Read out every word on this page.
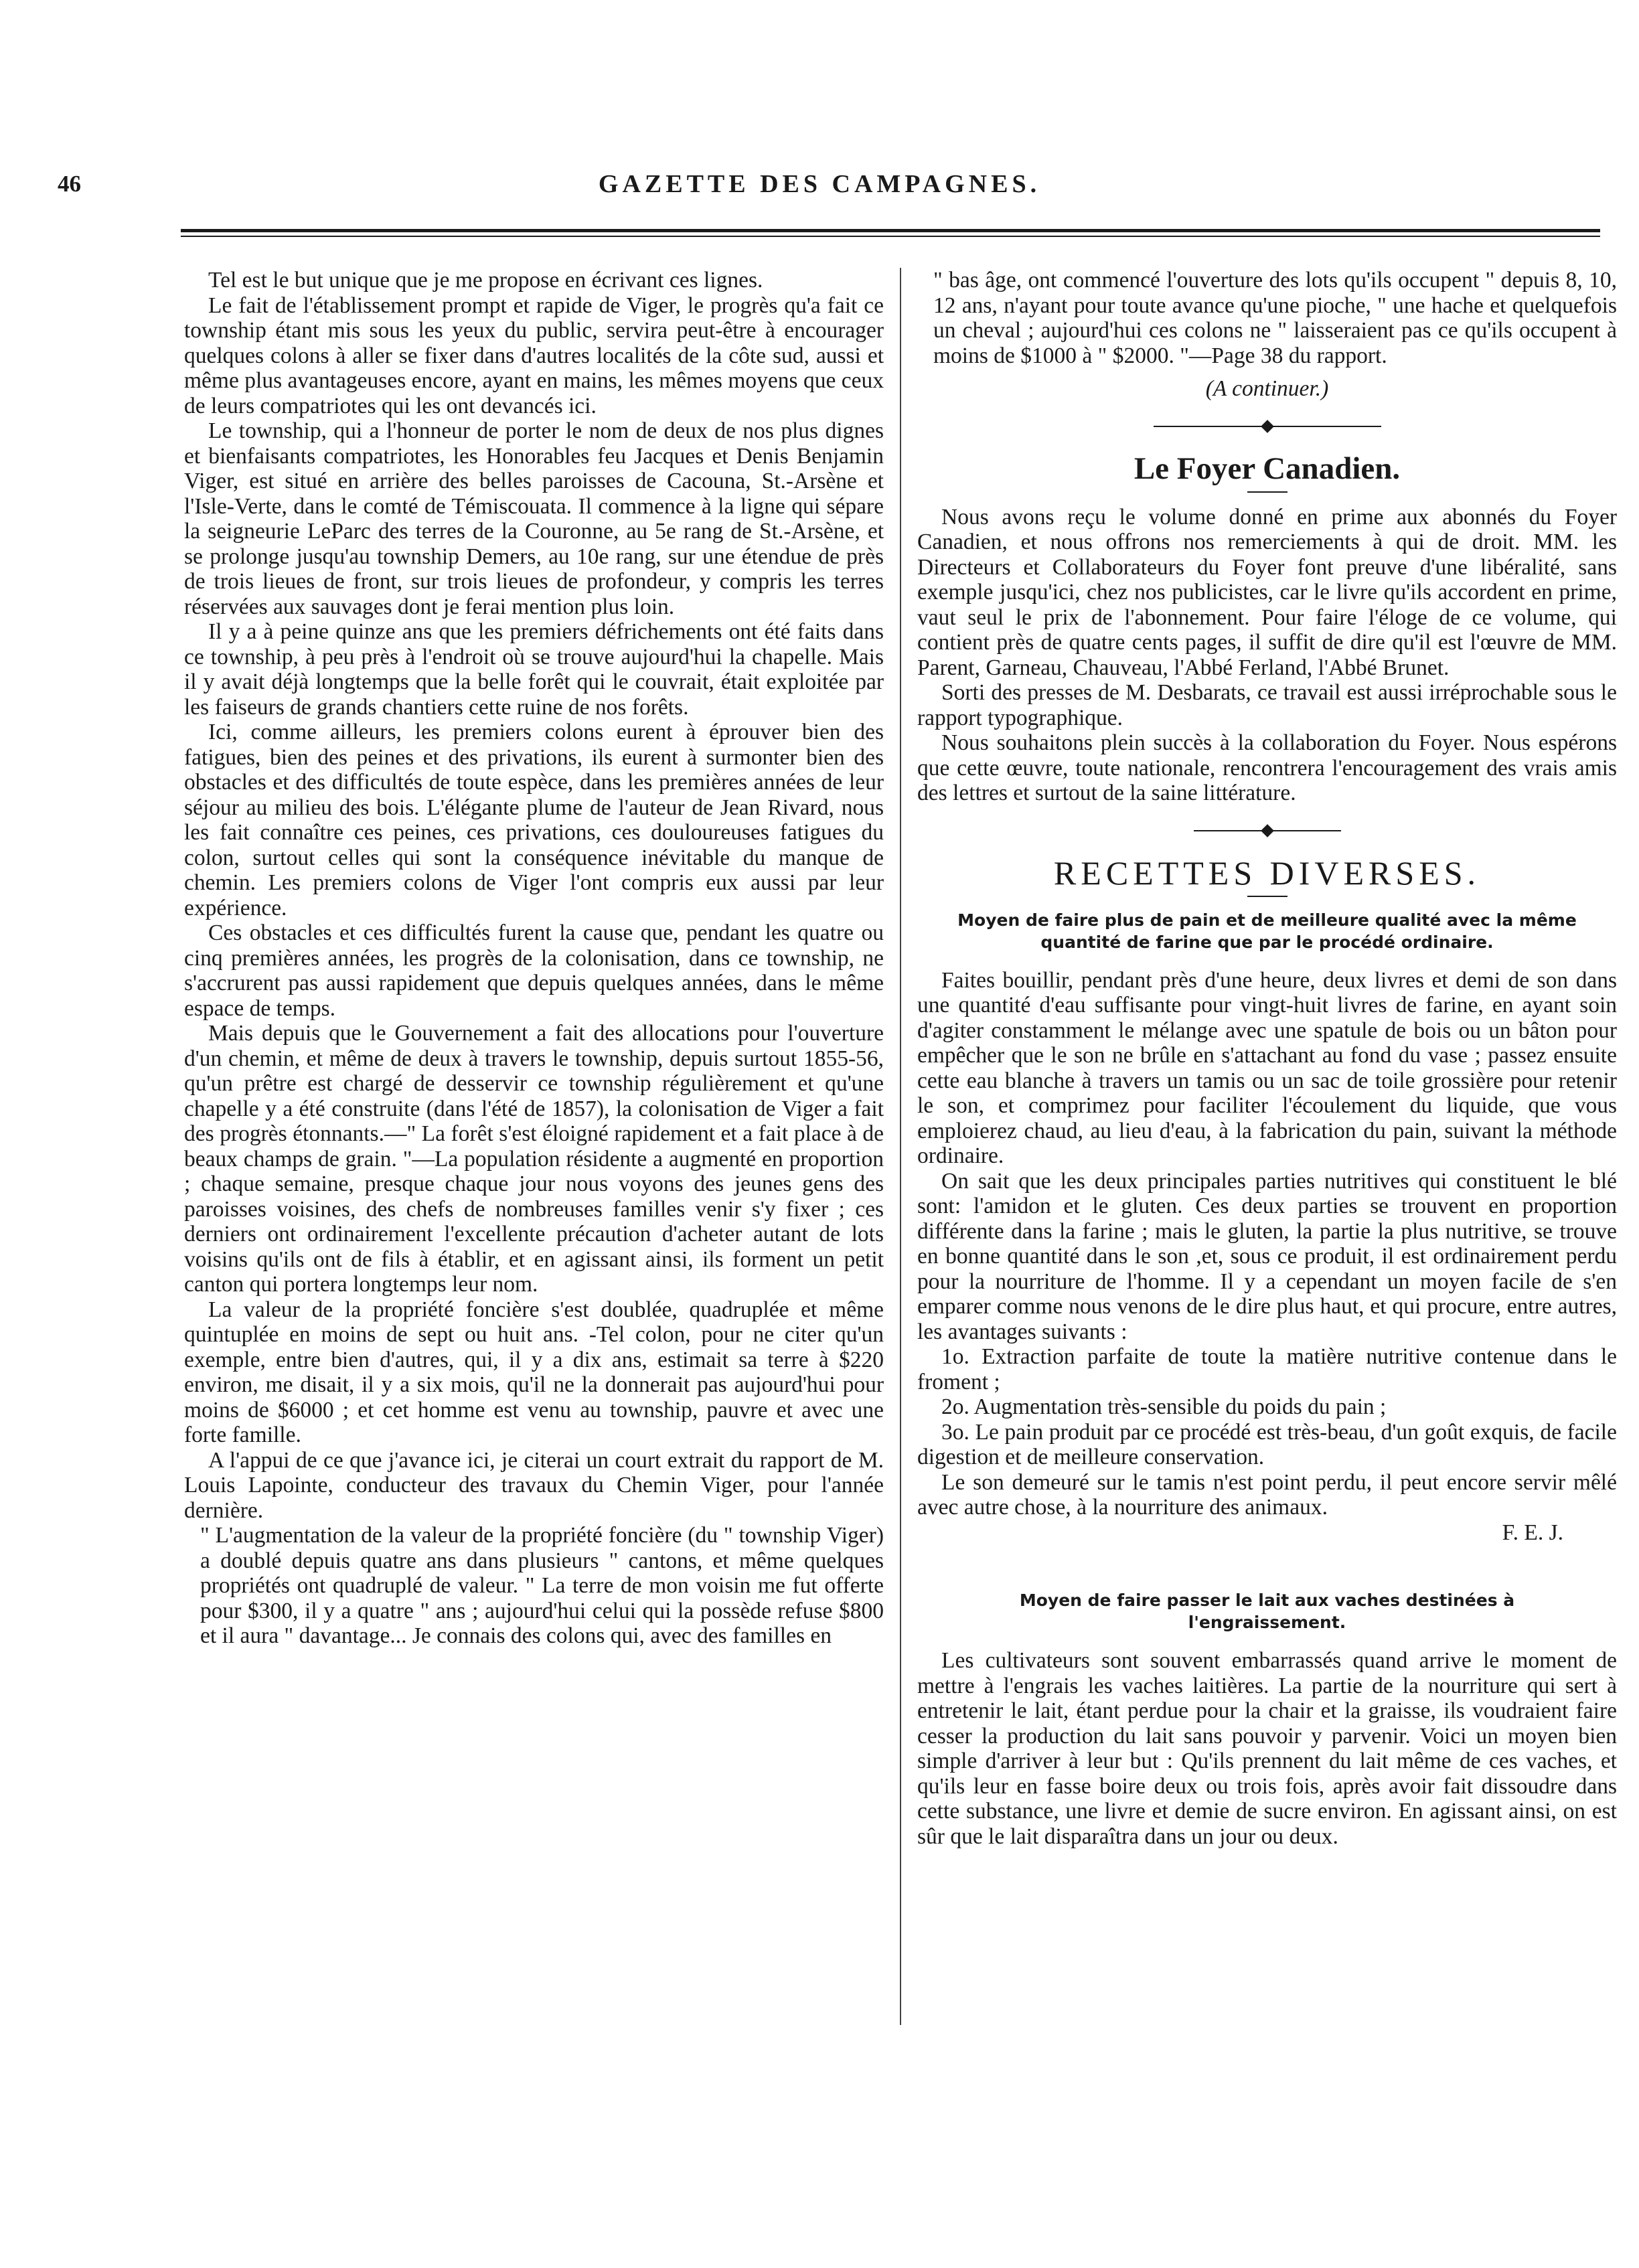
46	GAZETTE DES CAMPAGNES.

Tel est le but unique que je me propose en écrivant ces lignes.

Le fait de l'établissement prompt et rapide de Viger, le progrès qu'a fait ce township étant mis sous les yeux du public, servira peut-être à encourager quelques colons à aller se fixer dans d'autres localités de la côte sud, aussi et même plus avantageuses encore, ayant en mains, les mêmes moyens que ceux de leurs compatriotes qui les ont devancés ici.

Le township, qui a l'honneur de porter le nom de deux de nos plus dignes et bienfaisants compatriotes, les Honorables feu Jacques et Denis Benjamin Viger, est situé en arrière des belles paroisses de Cacouna, St.-Arsène et l'Isle-Verte, dans le comté de Témiscouata. Il commence à la ligne qui sépare la seigneurie LeParc des terres de la Couronne, au 5e rang de St.-Arsène, et se prolonge jusqu'au township Demers, au 10e rang, sur une étendue de près de trois lieues de front, sur trois lieues de profondeur, y compris les terres réservées aux sauvages dont je ferai mention plus loin.

Il y a à peine quinze ans que les premiers défrichements ont été faits dans ce township, à peu près à l'endroit où se trouve aujourd'hui la chapelle. Mais il y avait déjà longtemps que la belle forêt qui le couvrait, était exploitée par les faiseurs de grands chantiers cette ruine de nos forêts.

Ici, comme ailleurs, les premiers colons eurent à éprouver bien des fatigues, bien des peines et des privations, ils eurent à surmonter bien des obstacles et des difficultés de toute espèce, dans les premières années de leur séjour au milieu des bois. L'élégante plume de l'auteur de Jean Rivard, nous les fait connaître ces peines, ces privations, ces douloureuses fatigues du colon, surtout celles qui sont la conséquence inévitable du manque de chemin. Les premiers colons de Viger l'ont compris eux aussi par leur expérience.

Ces obstacles et ces difficultés furent la cause que, pendant les quatre ou cinq premières années, les progrès de la colonisation, dans ce township, ne s'accrurent pas aussi rapidement que depuis quelques années, dans le même espace de temps.

Mais depuis que le Gouvernement a fait des allocations pour l'ouverture d'un chemin, et même de deux à travers le township, depuis surtout 1855-56, qu'un prêtre est chargé de desservir ce township régulièrement et qu'une chapelle y a été construite (dans l'été de 1857), la colonisation de Viger a fait des progrès étonnants.—" La forêt s'est éloigné rapidement et a fait place à de beaux champs de grain. "—La population résidente a augmenté en proportion ; chaque semaine, presque chaque jour nous voyons des jeunes gens des paroisses voisines, des chefs de nombreuses familles venir s'y fixer ; ces derniers ont ordinairement l'excellente précaution d'acheter autant de lots voisins qu'ils ont de fils à établir, et en agissant ainsi, ils forment un petit canton qui portera longtemps leur nom.

La valeur de la propriété foncière s'est doublée, quadruplée et même quintuplée en moins de sept ou huit ans. -Tel colon, pour ne citer qu'un exemple, entre bien d'autres, qui, il y a dix ans, estimait sa terre à $220 environ, me disait, il y a six mois, qu'il ne la donnerait pas aujourd'hui pour moins de $6000 ; et cet homme est venu au township, pauvre et avec une forte famille.

A l'appui de ce que j'avance ici, je citerai un court extrait du rapport de M. Louis Lapointe, conducteur des travaux du Chemin Viger, pour l'année dernière.

" L'augmentation de la valeur de la propriété foncière (du " township Viger) a doublé depuis quatre ans dans plusieurs " cantons, et même quelques propriétés ont quadruplé de valeur. " La terre de mon voisin me fut offerte pour $300, il y a quatre " ans ; aujourd'hui celui qui la possède refuse $800 et il aura " davantage... Je connais des colons qui, avec des familles en

" bas âge, ont commencé l'ouverture des lots qu'ils occupent " depuis 8, 10, 12 ans, n'ayant pour toute avance qu'une pioche, " une hache et quelquefois un cheval ; aujourd'hui ces colons ne " laisseraient pas ce qu'ils occupent à moins de $1000 à " $2000. "—Page 38 du rapport.

(A continuer.)

Le Foyer Canadien.

Nous avons reçu le volume donné en prime aux abonnés du Foyer Canadien, et nous offrons nos remerciements à qui de droit. MM. les Directeurs et Collaborateurs du Foyer font preuve d'une libéralité, sans exemple jusqu'ici, chez nos publicistes, car le livre qu'ils accordent en prime, vaut seul le prix de l'abonnement. Pour faire l'éloge de ce volume, qui contient près de quatre cents pages, il suffit de dire qu'il est l'œuvre de MM. Parent, Garneau, Chauveau, l'Abbé Ferland, l'Abbé Brunet.

Sorti des presses de M. Desbarats, ce travail est aussi irréprochable sous le rapport typographique.

Nous souhaitons plein succès à la collaboration du Foyer. Nous espérons que cette œuvre, toute nationale, rencontrera l'encouragement des vrais amis des lettres et surtout de la saine littérature.

RECETTES DIVERSES.
Moyen de faire plus de pain et de meilleure qualité avec la même quantité de farine que par le procédé ordinaire.

Faites bouillir, pendant près d'une heure, deux livres et demi de son dans une quantité d'eau suffisante pour vingt-huit livres de farine, en ayant soin d'agiter constamment le mélange avec une spatule de bois ou un bâton pour empêcher que le son ne brûle en s'attachant au fond du vase ; passez ensuite cette eau blanche à travers un tamis ou un sac de toile grossière pour retenir le son, et comprimez pour faciliter l'écoulement du liquide, que vous emploierez chaud, au lieu d'eau, à la fabrication du pain, suivant la méthode ordinaire.

On sait que les deux principales parties nutritives qui constituent le blé sont: l'amidon et le gluten. Ces deux parties se trouvent en proportion différente dans la farine ; mais le gluten, la partie la plus nutritive, se trouve en bonne quantité dans le son ,et, sous ce produit, il est ordinairement perdu pour la nourriture de l'homme. Il y a cependant un moyen facile de s'en emparer comme nous venons de le dire plus haut, et qui procure, entre autres, les avantages suivants :

1o. Extraction parfaite de toute la matière nutritive contenue dans le froment ;

2o. Augmentation très-sensible du poids du pain ;

3o. Le pain produit par ce procédé est très-beau, d'un goût exquis, de facile digestion et de meilleure conservation.

Le son demeuré sur le tamis n'est point perdu, il peut encore servir mêlé avec autre chose, à la nourriture des animaux.

F. E. J.

Moyen de faire passer le lait aux vaches destinées à l'engraissement.

Les cultivateurs sont souvent embarrassés quand arrive le moment de mettre à l'engrais les vaches laitières. La partie de la nourriture qui sert à entretenir le lait, étant perdue pour la chair et la graisse, ils voudraient faire cesser la production du lait sans pouvoir y parvenir. Voici un moyen bien simple d'arriver à leur but : Qu'ils prennent du lait même de ces vaches, et qu'ils leur en fasse boire deux ou trois fois, après avoir fait dissoudre dans cette substance, une livre et demie de sucre environ. En agissant ainsi, on est sûr que le lait disparaîtra dans un jour ou deux.
